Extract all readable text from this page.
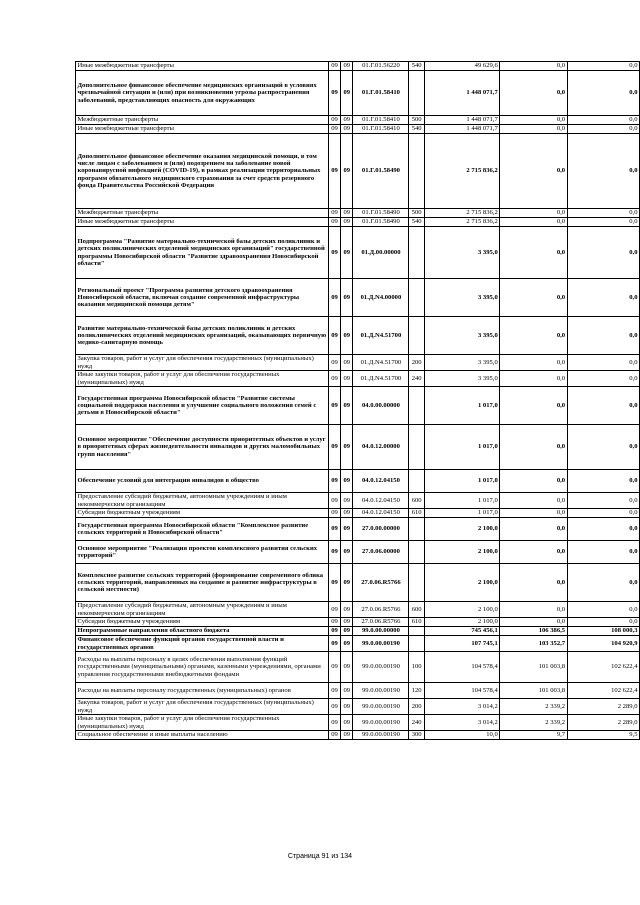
Иные межбюджетные трансферты	09	09	01.Г.01.56220	540	49 629,6	0,0	0,0
Дополнительное финансовое обеспечение медицинских организаций в условиях чрезвычайной ситуации и (или) при возникновении угрозы распространения заболеваний, представляющих опасность для окружающих	09	09	01.Г.01.58410		1 448 071,7	0,0	0,0
Межбюджетные трансферты	09	09	01.Г.01.58410	500	1 448 071,7	0,0	0,0
Иные межбюджетные трансферты	09	09	01.Г.01.58410	540	1 448 071,7	0,0	0,0
Дополнительное финансовое обеспечение оказания медицинской помощи, в том числе лицам с заболеванием и (или) подозрением на заболевание новой коронавирусной инфекцией (COVID-19), в рамках реализации территориальных программ обязательного медицинского страхования за счет средств резервного фонда Правительства Российской Федерации	09	09	01.Г.01.58490		2 715 836,2	0,0	0,0
Межбюджетные трансферты	09	09	01.Г.01.58490	500	2 715 836,2	0,0	0,0
Иные межбюджетные трансферты	09	09	01.Г.01.58490	540	2 715 836,2	0,0	0,0
Подпрограмма "Развитие материально-технической базы детских поликлиник и детских поликлинических отделений медицинских организаций" государственной программы Новосибирской области "Развитие здравоохранения Новосибирской области"	09	09	01.Д.00.00000		3 395,0	0,0	0,0
Региональный проект "Программа развития детского здравоохранения Новосибирской области, включая создание современной инфраструктуры оказания медицинской помощи детям"	09	09	01.Д.N4.00000		3 395,0	0,0	0,0
Развитие материально-технической базы детских поликлиник и детских поликлинических отделений медицинских организаций, оказывающих первичную медико-санитарную помощь	09	09	01.Д.N4.51700		3 395,0	0,0	0,0
Закупка товаров, работ и услуг для обеспечения государственных (муниципальных) нужд	09	09	01.Д.N4.51700	200	3 395,0	0,0	0,0
Иные закупки товаров, работ и услуг для обеспечения государственных (муниципальных) нужд	09	09	01.Д.N4.51700	240	3 395,0	0,0	0,0
Государственная программа Новосибирской области "Развитие системы социальной поддержки населения и улучшение социального положения семей с детьми в Новосибирской области"	09	09	04.0.00.00000		1 017,0	0,0	0,0
Основное мероприятие "Обеспечение доступности приоритетных объектов и услуг в приоритетных сферах жизнедеятельности инвалидов и других маломобильных групп населения"	09	09	04.0.12.00000		1 017,0	0,0	0,0
Обеспечение условий для интеграции инвалидов в общество	09	09	04.0.12.04150		1 017,0	0,0	0,0
Предоставление субсидий бюджетным, автономным учреждениям и иным некоммерческим организациям	09	09	04.0.12.04150	600	1 017,0	0,0	0,0
Субсидии бюджетным учреждениям	09	09	04.0.12.04150	610	1 017,0	0,0	0,0
Государственная программа Новосибирской области "Комплексное развитие сельских территорий в Новосибирской области"	09	09	27.0.00.00000		2 100,0	0,0	0,0
Основное мероприятие "Реализация проектов комплексного развития сельских территорий"	09	09	27.0.06.00000		2 100,0	0,0	0,0
Комплексное развитие сельских территорий (формирование современного облика сельских территорий, направленных на создание и развитие инфраструктуры в сельской местности)	09	09	27.0.06.R5766		2 100,0	0,0	0,0
Предоставление субсидий бюджетным, автономным учреждениям и иным некоммерческим организациям	09	09	27.0.06.R5766	600	2 100,0	0,0	0,0
Субсидии бюджетным учреждениям	09	09	27.0.06.R5766	610	2 100,0	0,0	0,0
Непрограммные направления областного бюджета	09	09	99.0.00.00000		745 456,1	106 386,5	108 000,3
Финансовое обеспечение функций органов государственной власти и государственных органов	09	09	99.0.00.00190		107 745,1	103 352,7	104 920,9
Расходы на выплаты персоналу в целях обеспечения выполнения функций государственными (муниципальными) органами, казенными учреждениями, органами управления государственными внебюджетными фондами	09	09	99.0.00.00190	100	104 578,4	101 003,8	102 622,4
Расходы на выплаты персоналу государственных (муниципальных) органов	09	09	99.0.00.00190	120	104 578,4	101 003,8	102 622,4
Закупка товаров, работ и услуг для обеспечения государственных (муниципальных) нужд	09	09	99.0.00.00190	200	3 014,2	2 339,2	2 289,0
Иные закупки товаров, работ и услуг для обеспечения государственных (муниципальных) нужд	09	09	99.0.00.00190	240	3 014,2	2 339,2	2 289,0
Социальное обеспечение и иные выплаты населению	09	09	99.0.00.00190	300	10,0	9,7	9,5
Страница 91 из 134
